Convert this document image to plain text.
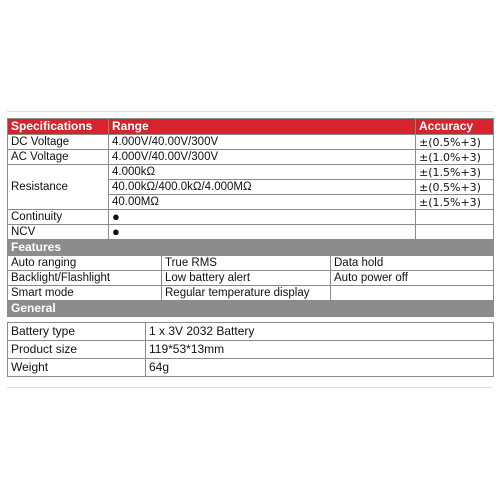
Specifications	Range			Accuracy
DC Voltage	4.000V/40.00V/300V			±(0.5%+3)
AC Voltage	4.000V/40.00V/300V			±(1.0%+3)
Resistance	4.000kΩ			±(1.5%+3)
	40.00kΩ/400.0kΩ/4.000MΩ			±(0.5%+3)
	40.00MΩ			±(1.5%+3)
Continuity	●			
NCV	●			
Features				
Auto ranging		True RMS	Data hold	
Backlight/Flashlight		Low battery alert	Auto power off	
Smart mode		Regular temperature display		
General				

Battery type	1 x 3V 2032 Battery
Product size	119*53*13mm
Weight	64g
